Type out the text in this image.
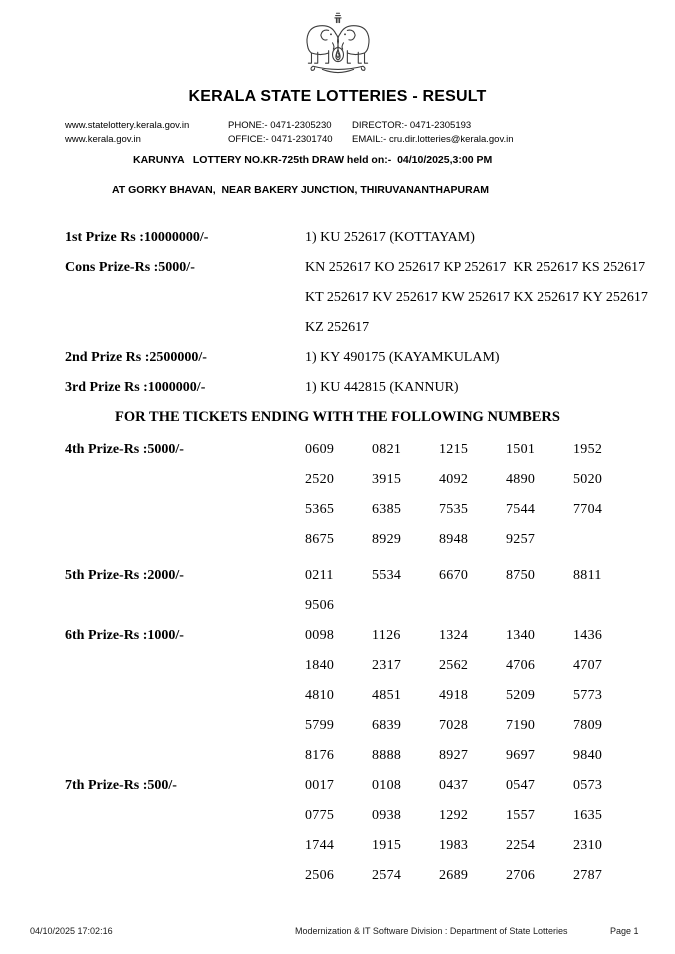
KERALA STATE LOTTERIES - RESULT
www.statelottery.kerala.gov.in	PHONE:- 0471-2305230	DIRECTOR:- 0471-2305193
www.kerala.gov.in	OFFICE:- 0471-2301740	EMAIL:- cru.dir.lotteries@kerala.gov.in
KARUNYA   LOTTERY NO.KR-725th DRAW held on:-  04/10/2025,3:00 PM
AT GORKY BHAVAN,  NEAR BAKERY JUNCTION, THIRUVANANTHAPURAM
1st Prize Rs :10000000/-	1) KU 252617 (KOTTAYAM)
Cons Prize-Rs :5000/-	KN 252617 KO 252617 KP 252617  KR 252617 KS 252617
KT 252617 KV 252617 KW 252617 KX 252617 KY 252617
KZ 252617
2nd Prize Rs :2500000/-	1) KY 490175 (KAYAMKULAM)
3rd Prize Rs :1000000/-	1) KU 442815 (KANNUR)
FOR THE TICKETS ENDING WITH THE FOLLOWING NUMBERS
4th Prize-Rs :5000/-	0609	0821	1215	1501	1952
2520	3915	4092	4890	5020
5365	6385	7535	7544	7704
8675	8929	8948	9257
5th Prize-Rs :2000/-	0211	5534	6670	8750	8811
9506
6th Prize-Rs :1000/-	0098	1126	1324	1340	1436
1840	2317	2562	4706	4707
4810	4851	4918	5209	5773
5799	6839	7028	7190	7809
8176	8888	8927	9697	9840
7th Prize-Rs :500/-	0017	0108	0437	0547	0573
0775	0938	1292	1557	1635
1744	1915	1983	2254	2310
2506	2574	2689	2706	2787
04/10/2025 17:02:16	Modernization & IT Software Division : Department of State Lotteries	Page 1
